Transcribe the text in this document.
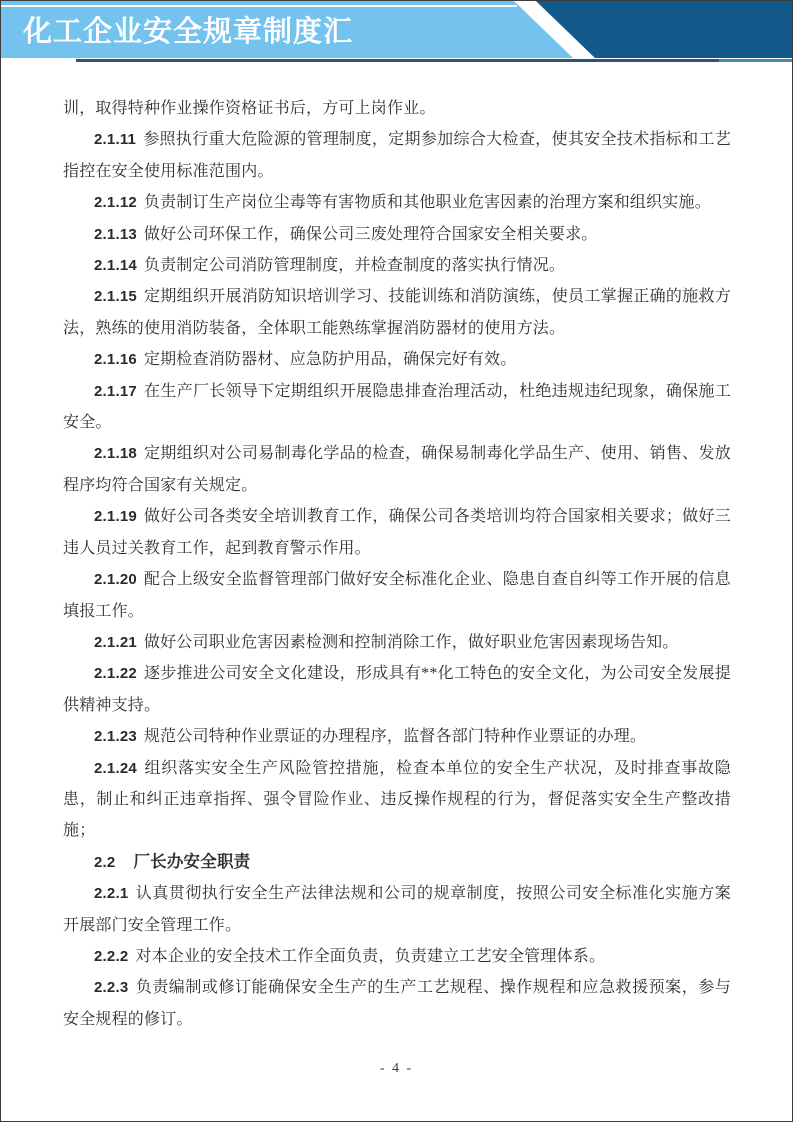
化工企业安全规章制度汇

训，取得特种作业操作资格证书后，方可上岗作业。

2.1.11 参照执行重大危险源的管理制度，定期参加综合大检查，使其安全技术指标和工艺指控在安全使用标准范围内。

2.1.12 负责制订生产岗位尘毒等有害物质和其他职业危害因素的治理方案和组织实施。

2.1.13 做好公司环保工作，确保公司三废处理符合国家安全相关要求。

2.1.14 负责制定公司消防管理制度，并检查制度的落实执行情况。

2.1.15 定期组织开展消防知识培训学习、技能训练和消防演练，使员工掌握正确的施救方法，熟练的使用消防装备，全体职工能熟练掌握消防器材的使用方法。

2.1.16 定期检查消防器材、应急防护用品，确保完好有效。

2.1.17 在生产厂长领导下定期组织开展隐患排查治理活动，杜绝违规违纪现象，确保施工安全。

2.1.18 定期组织对公司易制毒化学品的检查，确保易制毒化学品生产、使用、销售、发放程序均符合国家有关规定。

2.1.19 做好公司各类安全培训教育工作，确保公司各类培训均符合国家相关要求；做好三违人员过关教育工作，起到教育警示作用。

2.1.20 配合上级安全监督管理部门做好安全标准化企业、隐患自查自纠等工作开展的信息填报工作。

2.1.21 做好公司职业危害因素检测和控制消除工作，做好职业危害因素现场告知。

2.1.22 逐步推进公司安全文化建设，形成具有**化工特色的安全文化，为公司安全发展提供精神支持。

2.1.23 规范公司特种作业票证的办理程序，监督各部门特种作业票证的办理。

2.1.24 组织落实安全生产风险管控措施，检查本单位的安全生产状况，及时排查事故隐患，制止和纠正违章指挥、强令冒险作业、违反操作规程的行为，督促落实安全生产整改措施；

2.2 厂长办安全职责

2.2.1 认真贯彻执行安全生产法律法规和公司的规章制度，按照公司安全标准化实施方案开展部门安全管理工作。

2.2.2 对本企业的安全技术工作全面负责，负责建立工艺安全管理体系。

2.2.3 负责编制或修订能确保安全生产的生产工艺规程、操作规程和应急救援预案，参与安全规程的修订。

- 4 -
